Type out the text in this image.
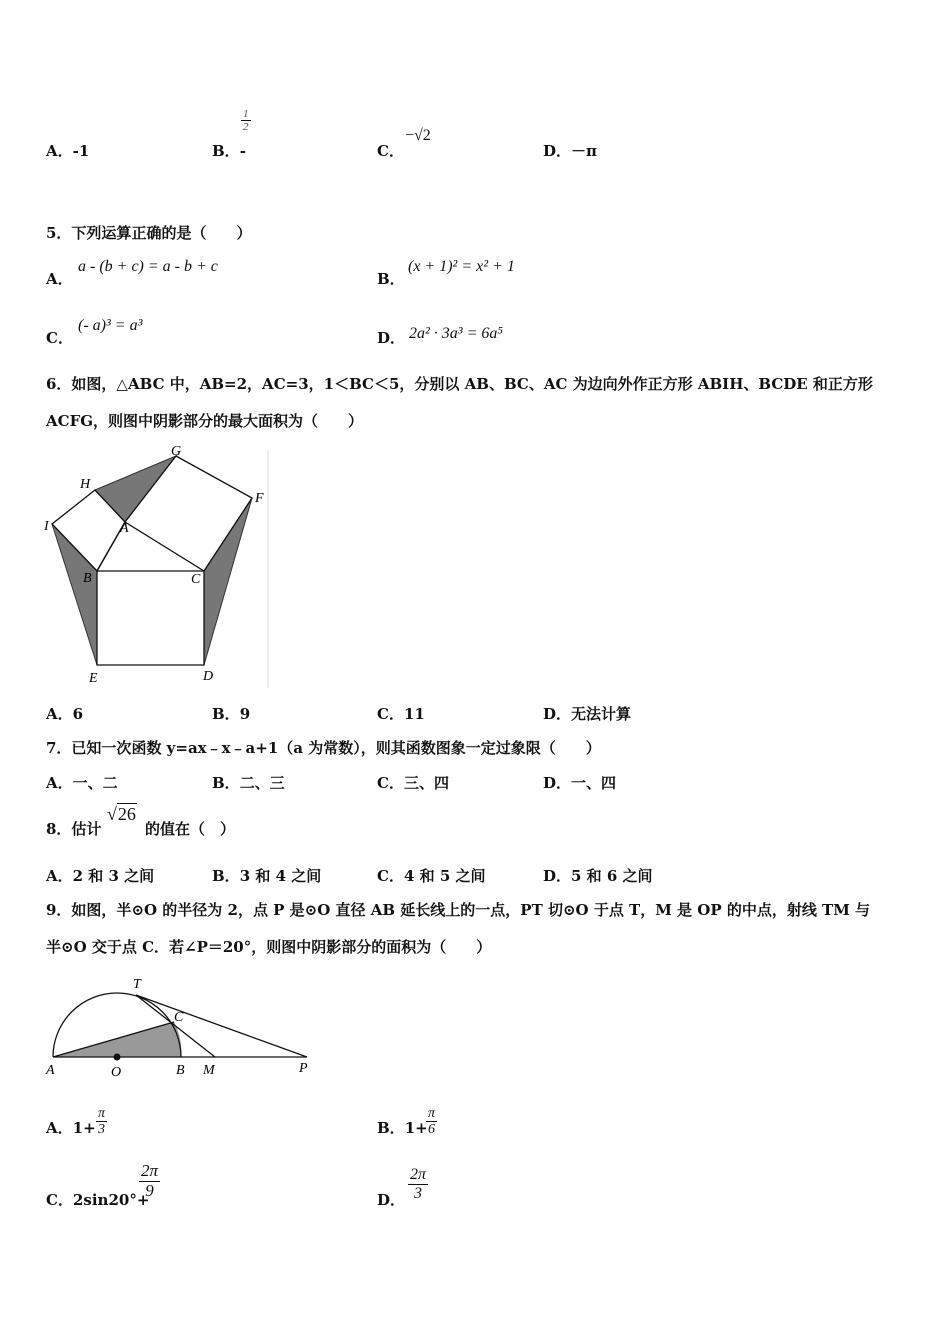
A．-1	B．-
$\frac{1}{2}$
C．
−√2
D．－π
5．下列运算正确的是（　　）
A．
a - (b + c) = a - b + c
B．
(x + 1)² = x² + 1
C．
(- a)³ = a³
D． 2a² · 3a³ = 6a⁵
6．如图，△ABC 中，AB=2，AC=3，1＜BC＜5，分别以 AB、BC、AC 为边向外作正方形 ABIH、BCDE 和正方形
ACFG，则图中阴影部分的最大面积为（　　）
G
H
F
I	A
B	C
E	D
A．6	B．9	C．11	D．无法计算
7．已知一次函数 y=ax﹣x﹣a+1（a 为常数），则其函数图象一定过象限（　　）
A．一、二	B．二、三	C．三、四	D．一、四
8．估计
√26
的值在（　）
A．2 和 3 之间	B．3 和 4 之间	C．4 和 5 之间	D．5 和 6 之间
9．如图，半⊙O 的半径为 2，点 P 是⊙O 直径 AB 延长线上的一点，PT 切⊙O 于点 T，M 是 OP 的中点，射线 TM 与
半⊙O 交于点 C．若∠P＝20°，则图中阴影部分的面积为（　　）
T
C
A	O	B M	P
A．$1+ \frac{\pi}{3}$	B．1+
$\frac{\pi}{6}$
C．2sin20°+
$\frac{2\pi}{9}$	D． $\frac{2\pi}{3}$
